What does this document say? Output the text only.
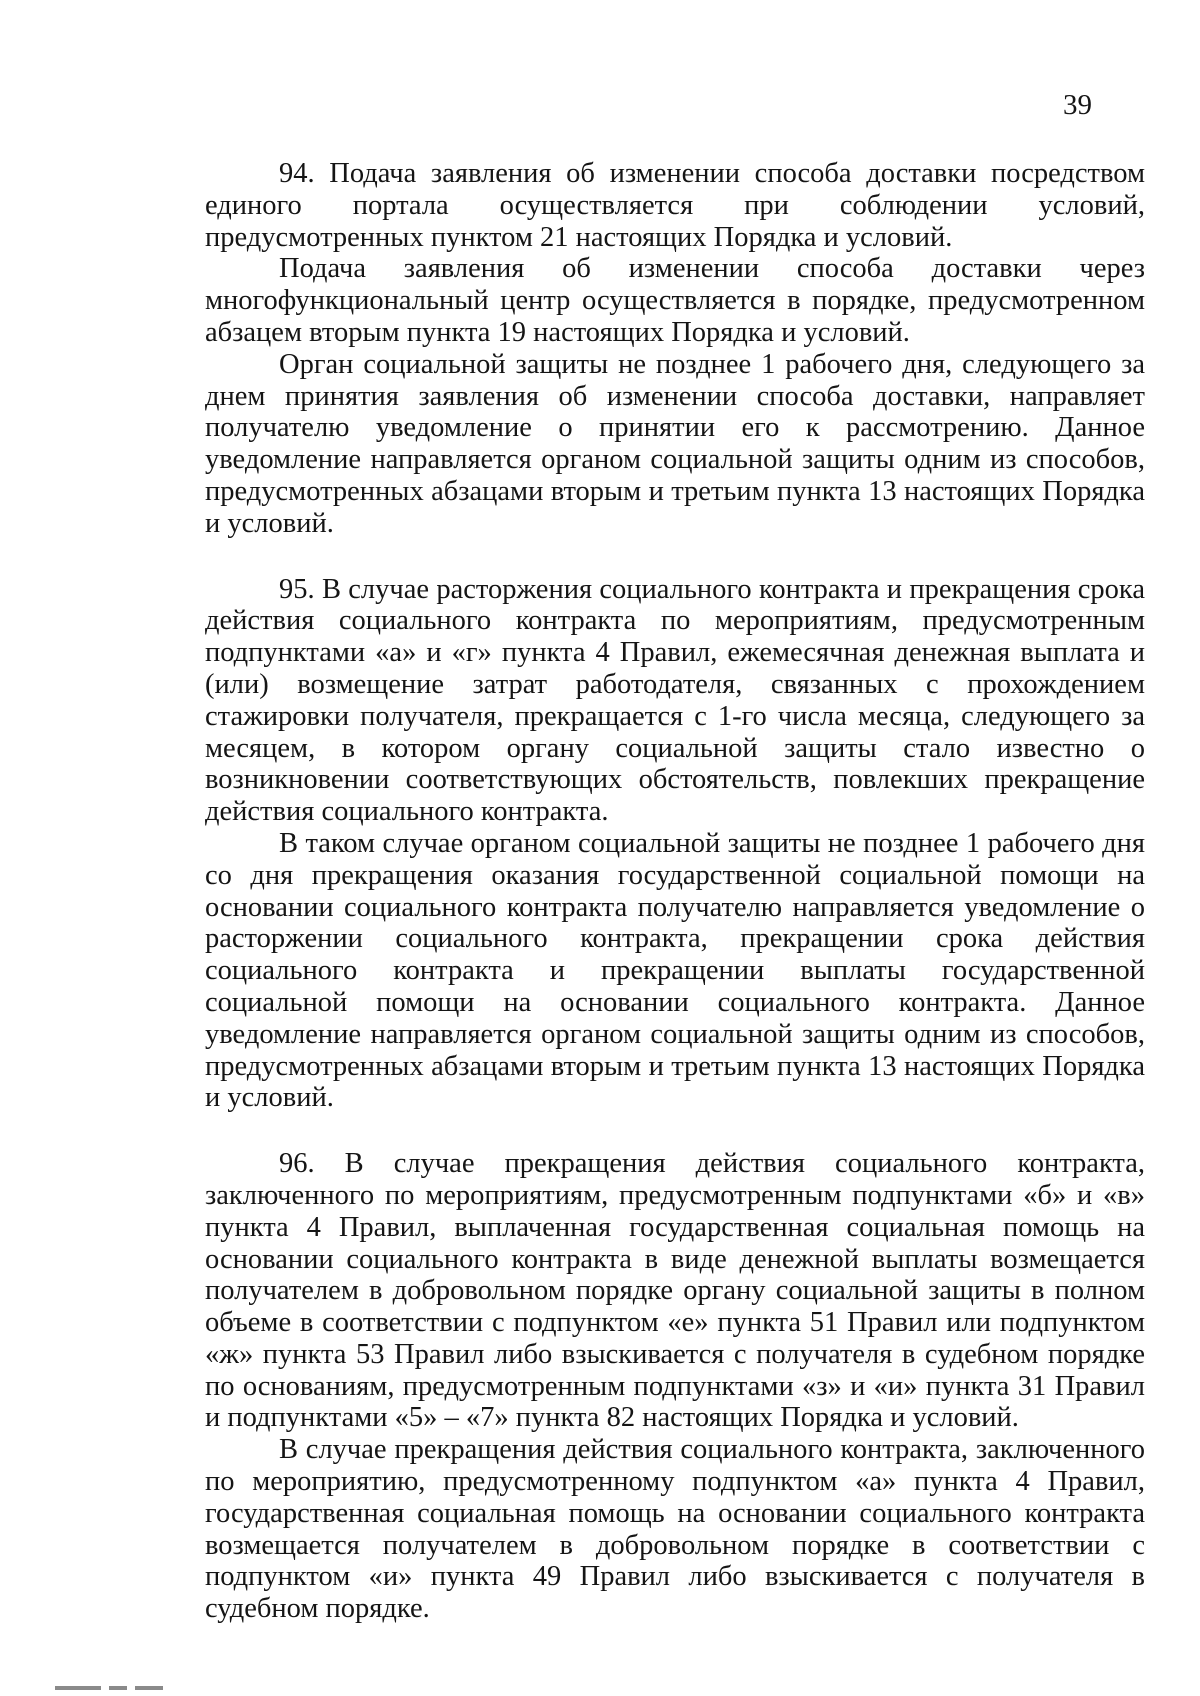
39

94. Подача заявления об изменении способа доставки посредством единого портала осуществляется при соблюдении условий, предусмотренных пунктом 21 настоящих Порядка и условий.

Подача заявления об изменении способа доставки через многофункциональный центр осуществляется в порядке, предусмотренном абзацем вторым пункта 19 настоящих Порядка и условий.

Орган социальной защиты не позднее 1 рабочего дня, следующего за днем принятия заявления об изменении способа доставки, направляет получателю уведомление о принятии его к рассмотрению. Данное уведомление направляется органом социальной защиты одним из способов, предусмотренных абзацами вторым и третьим пункта 13 настоящих Порядка и условий.

95. В случае расторжения социального контракта и прекращения срока действия социального контракта по мероприятиям, предусмотренным подпунктами «а» и «г» пункта 4 Правил, ежемесячная денежная выплата и (или) возмещение затрат работодателя, связанных с прохождением стажировки получателя, прекращается с 1-го числа месяца, следующего за месяцем, в котором органу социальной защиты стало известно о возникновении соответствующих обстоятельств, повлекших прекращение действия социального контракта.

В таком случае органом социальной защиты не позднее 1 рабочего дня со дня прекращения оказания государственной социальной помощи на основании социального контракта получателю направляется уведомление о расторжении социального контракта, прекращении срока действия социального контракта и прекращении выплаты государственной социальной помощи на основании социального контракта. Данное уведомление направляется органом социальной защиты одним из способов, предусмотренных абзацами вторым и третьим пункта 13 настоящих Порядка и условий.

96. В случае прекращения действия социального контракта, заключенного по мероприятиям, предусмотренным подпунктами «б» и «в» пункта 4 Правил, выплаченная государственная социальная помощь на основании социального контракта в виде денежной выплаты возмещается получателем в добровольном порядке органу социальной защиты в полном объеме в соответствии с подпунктом «е» пункта 51 Правил или подпунктом «ж» пункта 53 Правил либо взыскивается с получателя в судебном порядке по основаниям, предусмотренным подпунктами «з» и «и» пункта 31 Правил и подпунктами «5» – «7» пункта 82 настоящих Порядка и условий.

В случае прекращения действия социального контракта, заключенного по мероприятию, предусмотренному подпунктом «а» пункта 4 Правил, государственная социальная помощь на основании социального контракта возмещается получателем в добровольном порядке в соответствии с подпунктом «и» пункта 49 Правил либо взыскивается с получателя в судебном порядке.
